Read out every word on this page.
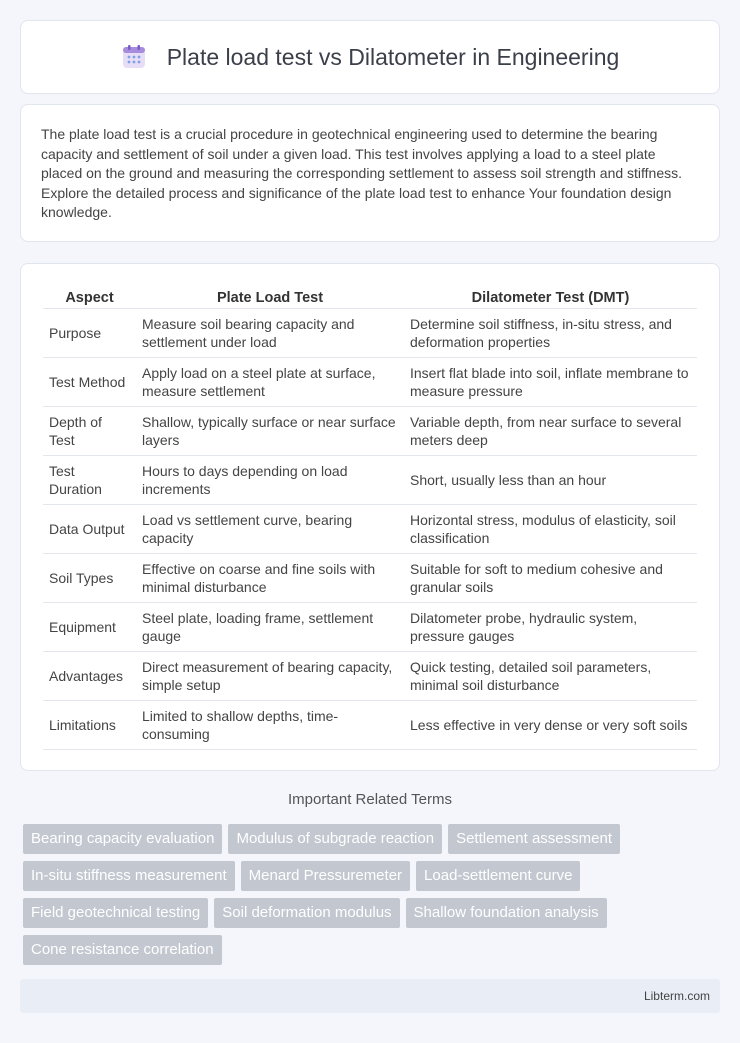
Plate load test vs Dilatometer in Engineering

The plate load test is a crucial procedure in geotechnical engineering used to determine the bearing capacity and settlement of soil under a given load. This test involves applying a load to a steel plate placed on the ground and measuring the corresponding settlement to assess soil strength and stiffness. Explore the detailed process and significance of the plate load test to enhance Your foundation design knowledge.

Aspect	Plate Load Test	Dilatometer Test (DMT)
Purpose	Measure soil bearing capacity and settlement under load	Determine soil stiffness, in-situ stress, and deformation properties
Test Method	Apply load on a steel plate at surface, measure settlement	Insert flat blade into soil, inflate membrane to measure pressure
Depth of Test	Shallow, typically surface or near surface layers	Variable depth, from near surface to several meters deep
Test Duration	Hours to days depending on load increments	Short, usually less than an hour
Data Output	Load vs settlement curve, bearing capacity	Horizontal stress, modulus of elasticity, soil classification
Soil Types	Effective on coarse and fine soils with minimal disturbance	Suitable for soft to medium cohesive and granular soils
Equipment	Steel plate, loading frame, settlement gauge	Dilatometer probe, hydraulic system, pressure gauges
Advantages	Direct measurement of bearing capacity, simple setup	Quick testing, detailed soil parameters, minimal soil disturbance
Limitations	Limited to shallow depths, time-consuming	Less effective in very dense or very soft soils
Important Related Terms
Bearing capacity evaluation	Modulus of subgrade reaction	Settlement assessment
In-situ stiffness measurement	Menard Pressuremeter	Load-settlement curve
Field geotechnical testing	Soil deformation modulus	Shallow foundation analysis
Cone resistance correlation
Libterm.com
